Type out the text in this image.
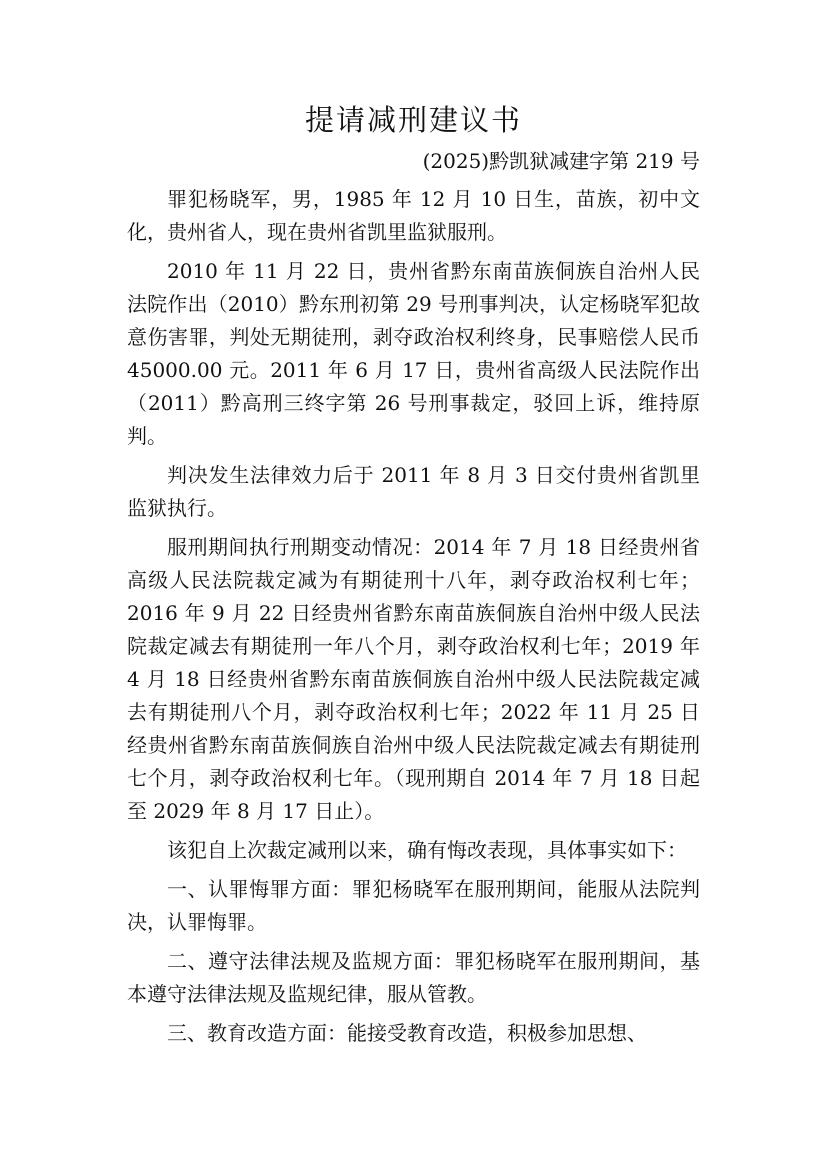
提请减刑建议书
(2025)黔凯狱减建字第 219 号

罪犯杨晓军，男，1985 年 12 月 10 日生，苗族，初中文化，贵州省人，现在贵州省凯里监狱服刑。

2010 年 11 月 22 日，贵州省黔东南苗族侗族自治州人民法院作出（2010）黔东刑初第 29 号刑事判决，认定杨晓军犯故意伤害罪，判处无期徒刑，剥夺政治权利终身，民事赔偿人民币 45000.00 元。2011 年 6 月 17 日，贵州省高级人民法院作出（2011）黔高刑三终字第 26 号刑事裁定，驳回上诉，维持原判。

判决发生法律效力后于 2011 年 8 月 3 日交付贵州省凯里监狱执行。

服刑期间执行刑期变动情况：2014 年 7 月 18 日经贵州省高级人民法院裁定减为有期徒刑十八年，剥夺政治权利七年；2016 年 9 月 22 日经贵州省黔东南苗族侗族自治州中级人民法院裁定减去有期徒刑一年八个月，剥夺政治权利七年；2019 年 4 月 18 日经贵州省黔东南苗族侗族自治州中级人民法院裁定减去有期徒刑八个月，剥夺政治权利七年；2022 年 11 月 25 日经贵州省黔东南苗族侗族自治州中级人民法院裁定减去有期徒刑七个月，剥夺政治权利七年。（现刑期自 2014 年 7 月 18 日起至 2029 年 8 月 17 日止）。

该犯自上次裁定减刑以来，确有悔改表现，具体事实如下：

一、认罪悔罪方面：罪犯杨晓军在服刑期间，能服从法院判决，认罪悔罪。

二、遵守法律法规及监规方面：罪犯杨晓军在服刑期间，基本遵守法律法规及监规纪律，服从管教。

三、教育改造方面：能接受教育改造，积极参加思想、
